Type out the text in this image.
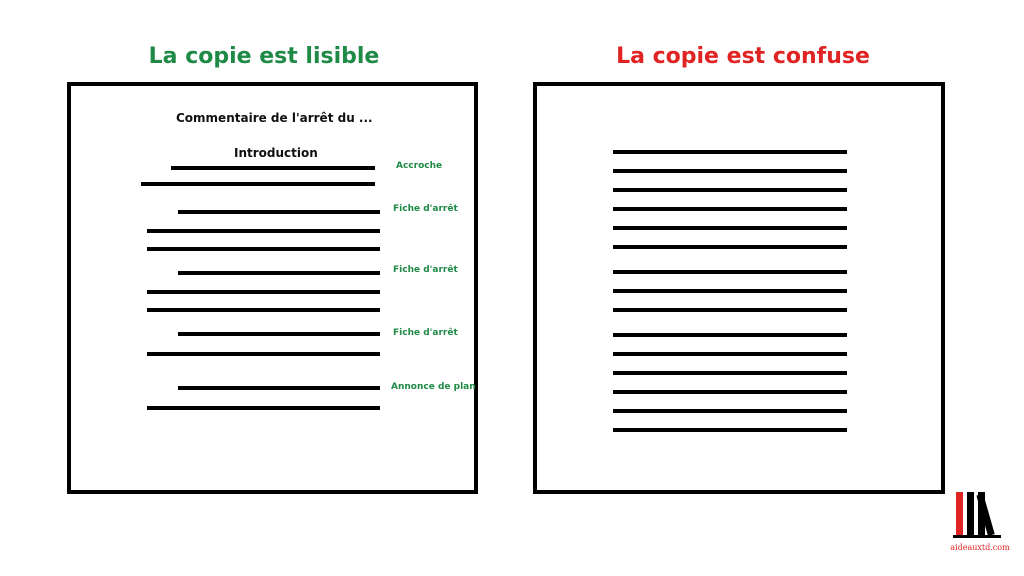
La copie est lisible	La copie est confuse
Commentaire de l'arrêt du ...
Introduction
Accroche
Fiche d'arrêt
Fiche d'arrêt
Fiche d'arrêt
Annonce de plan
aideauxtd.com
